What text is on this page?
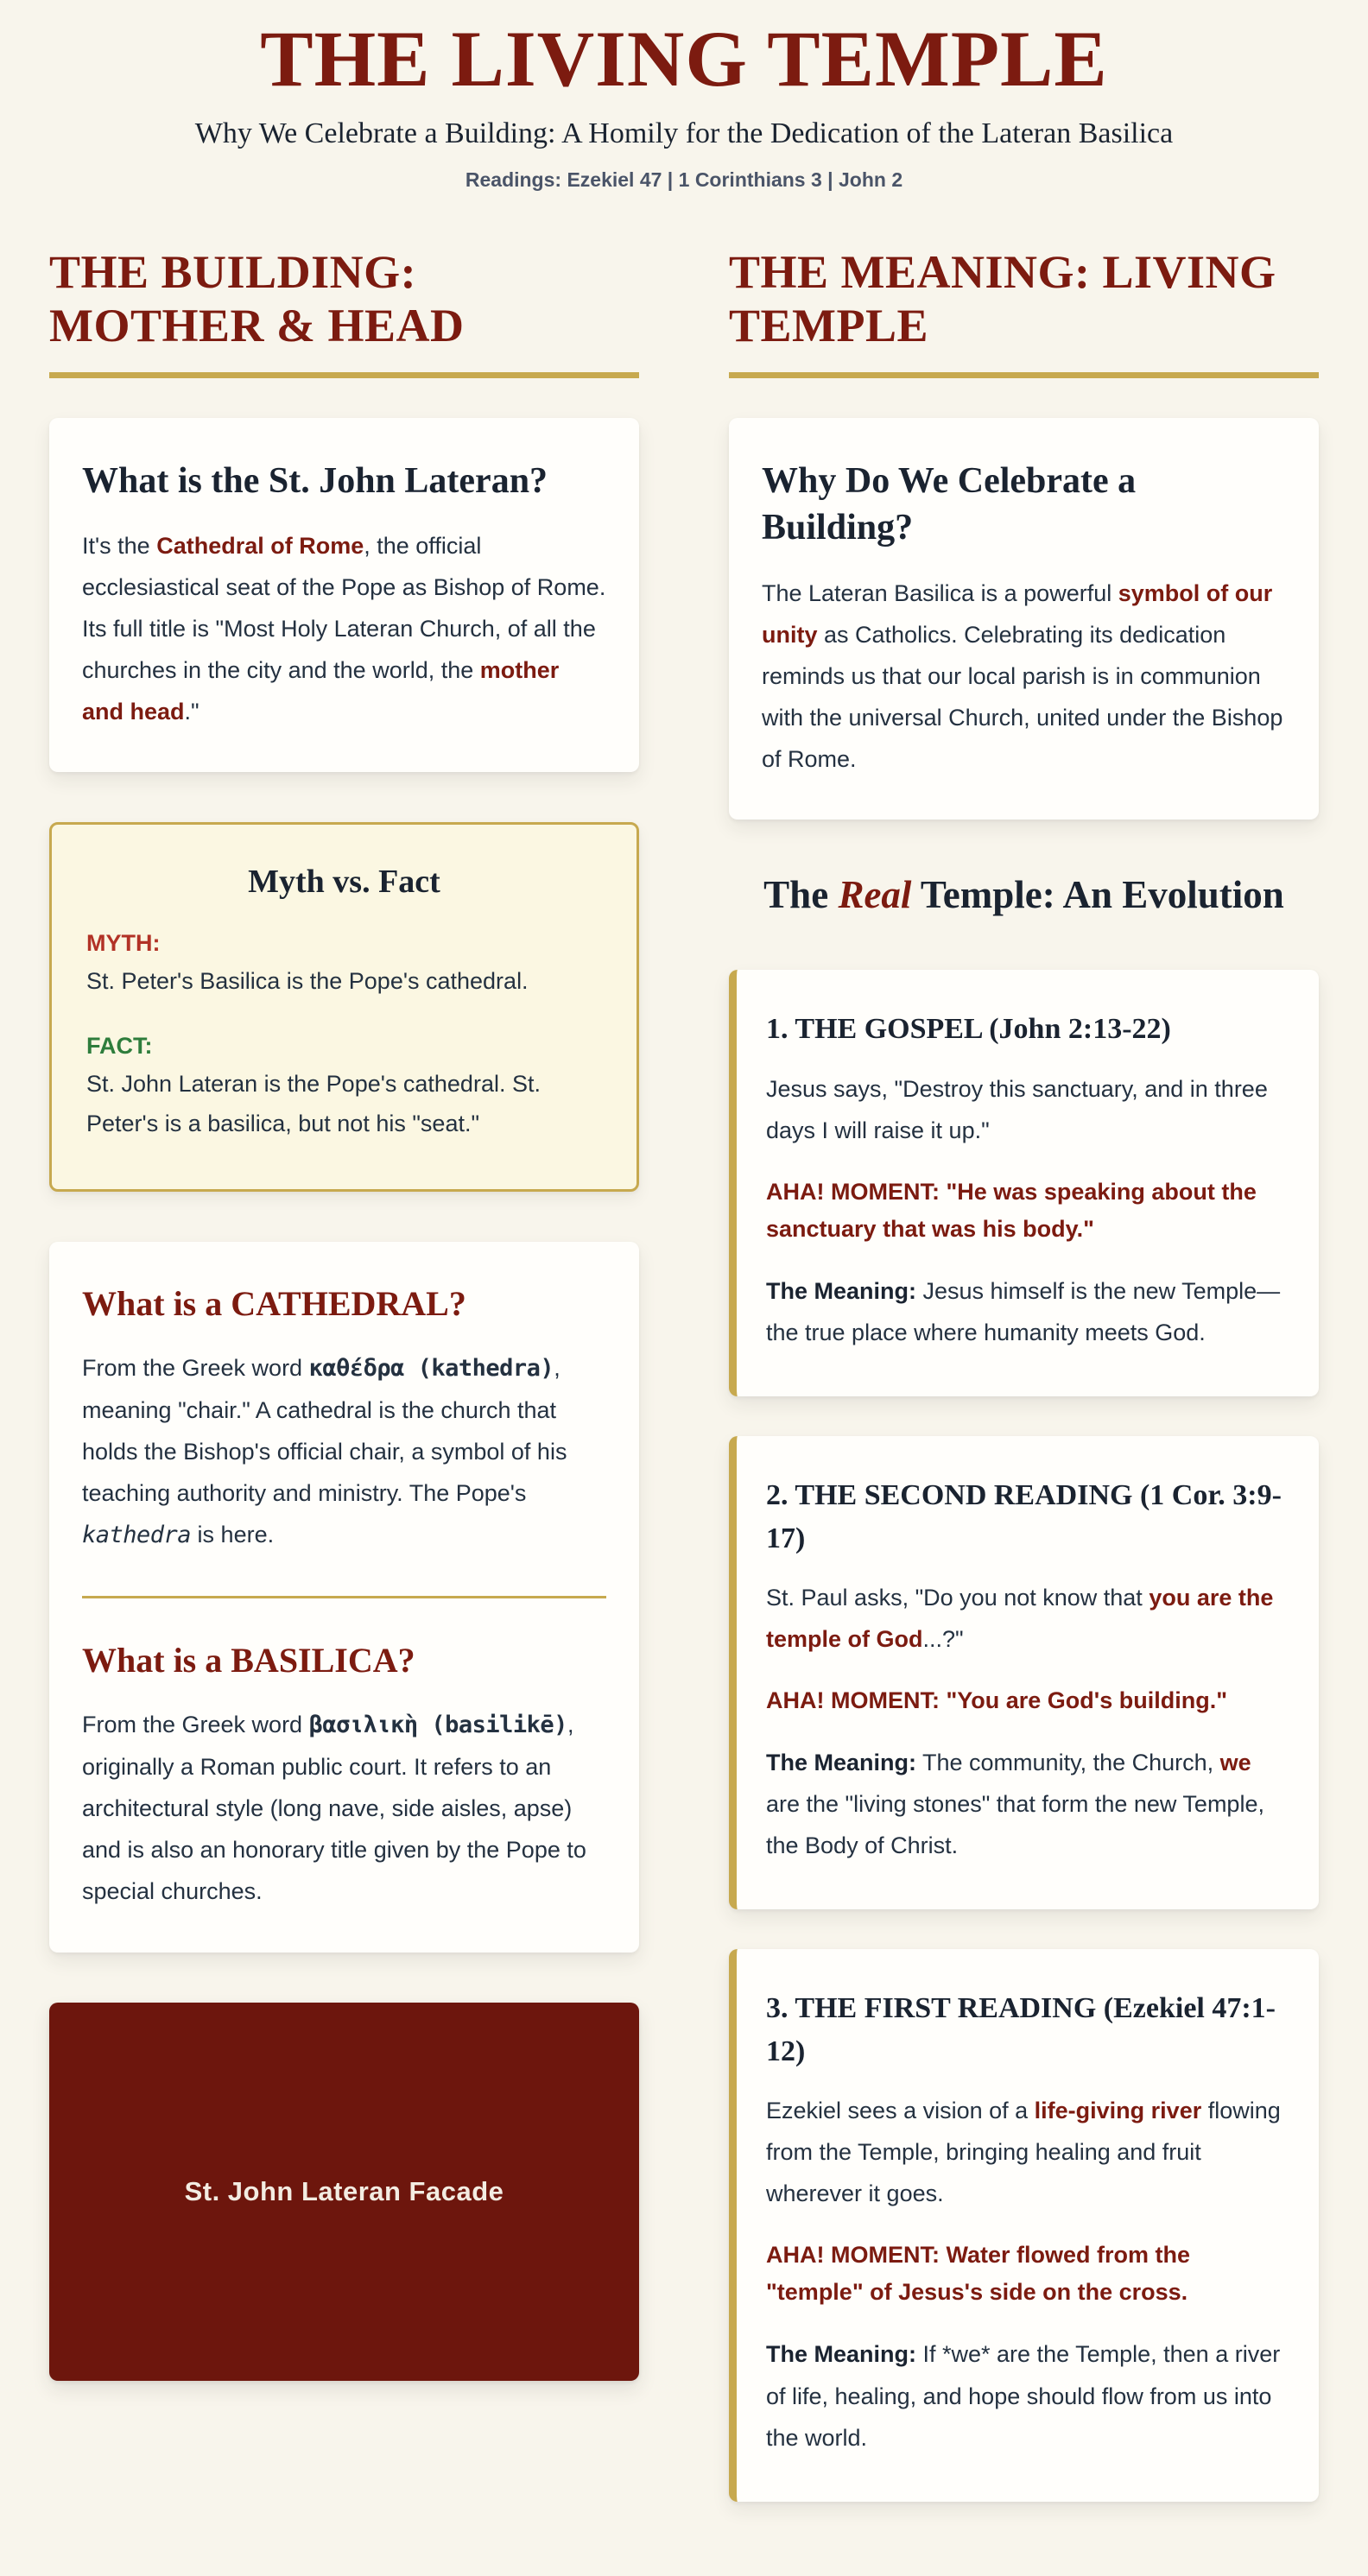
THE LIVING TEMPLE
Why We Celebrate a Building: A Homily for the Dedication of the Lateran Basilica
Readings: Ezekiel 47 | 1 Corinthians 3 | John 2
THE BUILDING: MOTHER & HEAD
What is the St. John Lateran?

It's the Cathedral of Rome, the official ecclesiastical seat of the Pope as Bishop of Rome. Its full title is "Most Holy Lateran Church, of all the churches in the city and the world, the mother and head."

Myth vs. Fact
MYTH:

St. Peter's Basilica is the Pope's cathedral.

FACT:

St. John Lateran is the Pope's cathedral. St. Peter's is a basilica, but not his "seat."

What is a CATHEDRAL?

From the Greek word καθέδρα (kathedra), meaning "chair." A cathedral is the church that holds the Bishop's official chair, a symbol of his teaching authority and ministry. The Pope's kathedra is here.

What is a BASILICA?

From the Greek word βασιλικὴ (basilikē), originally a Roman public court. It refers to an architectural style (long nave, side aisles, apse) and is also an honorary title given by the Pope to special churches.

St. John Lateran Facade
THE MEANING: LIVING TEMPLE
Why Do We Celebrate a Building?

The Lateran Basilica is a powerful symbol of our unity as Catholics. Celebrating its dedication reminds us that our local parish is in communion with the universal Church, united under the Bishop of Rome.

The Real Temple: An Evolution
1. THE GOSPEL (John 2:13-22)

Jesus says, "Destroy this sanctuary, and in three days I will raise it up."

AHA! MOMENT: "He was speaking about the sanctuary that was his body."

The Meaning: Jesus himself is the new Temple—the true place where humanity meets God.

2. THE SECOND READING (1 Cor. 3:9-17)

St. Paul asks, "Do you not know that you are the temple of God...?"

AHA! MOMENT: "You are God's building."

The Meaning: The community, the Church, we are the "living stones" that form the new Temple, the Body of Christ.

3. THE FIRST READING (Ezekiel 47:1-12)

Ezekiel sees a vision of a life-giving river flowing from the Temple, bringing healing and fruit wherever it goes.

AHA! MOMENT: Water flowed from the "temple" of Jesus's side on the cross.

The Meaning: If *we* are the Temple, then a river of life, healing, and hope should flow from us into the world.
